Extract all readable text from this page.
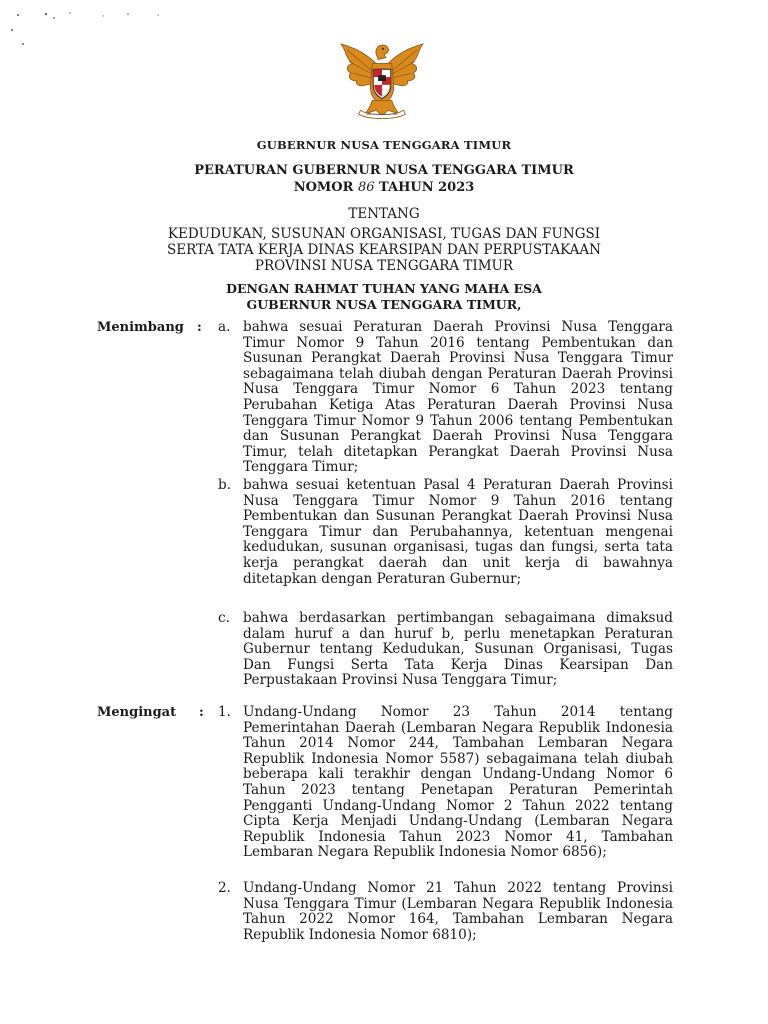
GUBERNUR NUSA TENGGARA TIMUR
PERATURAN GUBERNUR NUSA TENGGARA TIMUR
NOMOR 86 TAHUN 2023
TENTANG
KEDUDUKAN, SUSUNAN ORGANISASI, TUGAS DAN FUNGSI
SERTA TATA KERJA DINAS KEARSIPAN DAN PERPUSTAKAAN
PROVINSI NUSA TENGGARA TIMUR
DENGAN RAHMAT TUHAN YANG MAHA ESA
GUBERNUR NUSA TENGGARA TIMUR,
Menimbang : a. bahwa sesuai Peraturan Daerah Provinsi Nusa Tenggara Timur Nomor 9 Tahun 2016 tentang Pembentukan dan Susunan Perangkat Daerah Provinsi Nusa Tenggara Timur sebagaimana telah diubah dengan Peraturan Daerah Provinsi Nusa Tenggara Timur Nomor 6 Tahun 2023 tentang Perubahan Ketiga Atas Peraturan Daerah Provinsi Nusa Tenggara Timur Nomor 9 Tahun 2006 tentang Pembentukan dan Susunan Perangkat Daerah Provinsi Nusa Tenggara Timur, telah ditetapkan Perangkat Daerah Provinsi Nusa Tenggara Timur;
b. bahwa sesuai ketentuan Pasal 4 Peraturan Daerah Provinsi Nusa Tenggara Timur Nomor 9 Tahun 2016 tentang Pembentukan dan Susunan Perangkat Daerah Provinsi Nusa Tenggara Timur dan Perubahannya, ketentuan mengenai kedudukan, susunan organisasi, tugas dan fungsi, serta tata kerja perangkat daerah dan unit kerja di bawahnya ditetapkan dengan Peraturan Gubernur;
c. bahwa berdasarkan pertimbangan sebagaimana dimaksud dalam huruf a dan huruf b, perlu menetapkan Peraturan Gubernur tentang Kedudukan, Susunan Organisasi, Tugas Dan Fungsi Serta Tata Kerja Dinas Kearsipan Dan Perpustakaan Provinsi Nusa Tenggara Timur;
Mengingat : 1. Undang-Undang Nomor 23 Tahun 2014 tentang Pemerintahan Daerah (Lembaran Negara Republik Indonesia Tahun 2014 Nomor 244, Tambahan Lembaran Negara Republik Indonesia Nomor 5587) sebagaimana telah diubah beberapa kali terakhir dengan Undang-Undang Nomor 6 Tahun 2023 tentang Penetapan Peraturan Pemerintah Pengganti Undang-Undang Nomor 2 Tahun 2022 tentang Cipta Kerja Menjadi Undang-Undang (Lembaran Negara Republik Indonesia Tahun 2023 Nomor 41, Tambahan Lembaran Negara Republik Indonesia Nomor 6856);
2. Undang-Undang Nomor 21 Tahun 2022 tentang Provinsi Nusa Tenggara Timur (Lembaran Negara Republik Indonesia Tahun 2022 Nomor 164, Tambahan Lembaran Negara Republik Indonesia Nomor 6810);
